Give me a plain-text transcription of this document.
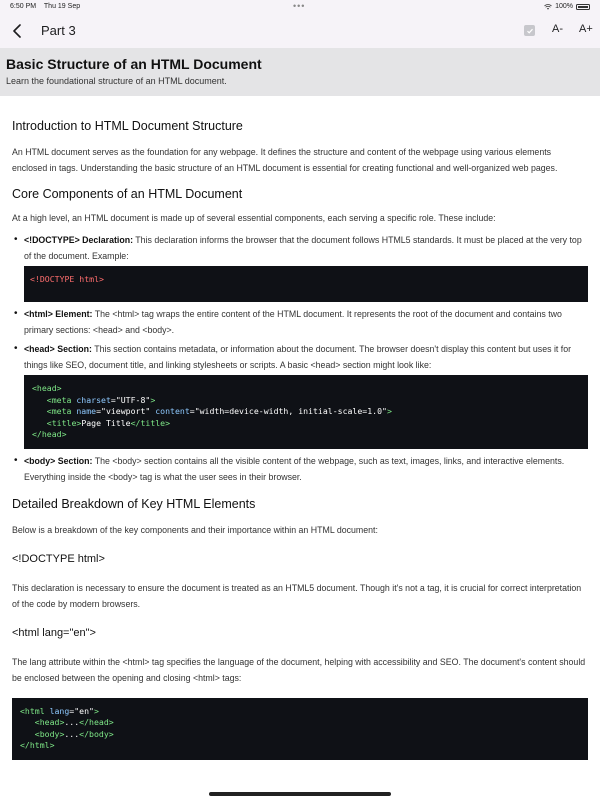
6:50 PM Thu 19 Sep	•••	100%
Part 3	A- A+
Basic Structure of an HTML Document
Learn the foundational structure of an HTML document.
Introduction to HTML Document Structure

An HTML document serves as the foundation for any webpage. It defines the structure and content of the webpage using various elements enclosed in tags. Understanding the basic structure of an HTML document is essential for creating functional and well-organized web pages.

Core Components of an HTML Document

At a high level, an HTML document is made up of several essential components, each serving a specific role. These include:

• <!DOCTYPE> Declaration: This declaration informs the browser that the document follows HTML5 standards. It must be placed at the very top of the document. Example:
<!DOCTYPE html>
• <html> Element: The <html> tag wraps the entire content of the HTML document. It represents the root of the document and contains two primary sections: <head> and <body>.
• <head> Section: This section contains metadata, or information about the document. The browser doesn't display this content but uses it for things like SEO, document title, and linking stylesheets or scripts. A basic <head> section might look like:
<head>
<meta charset="UTF-8">
<meta name="viewport" content="width=device-width, initial-scale=1.0">
<title>Page Title</title>
</head>
• <body> Section: The <body> section contains all the visible content of the webpage, such as text, images, links, and interactive elements. Everything inside the <body> tag is what the user sees in their browser.
Detailed Breakdown of Key HTML Elements

Below is a breakdown of the key components and their importance within an HTML document:

<!DOCTYPE html>

This declaration is necessary to ensure the document is treated as an HTML5 document. Though it's not a tag, it is crucial for correct interpretation of the code by modern browsers.

<html lang="en">

The lang attribute within the <html> tag specifies the language of the document, helping with accessibility and SEO. The document's content should be enclosed between the opening and closing <html> tags:

<html lang="en">
<head>...</head>
<body>...</body>
</html>
